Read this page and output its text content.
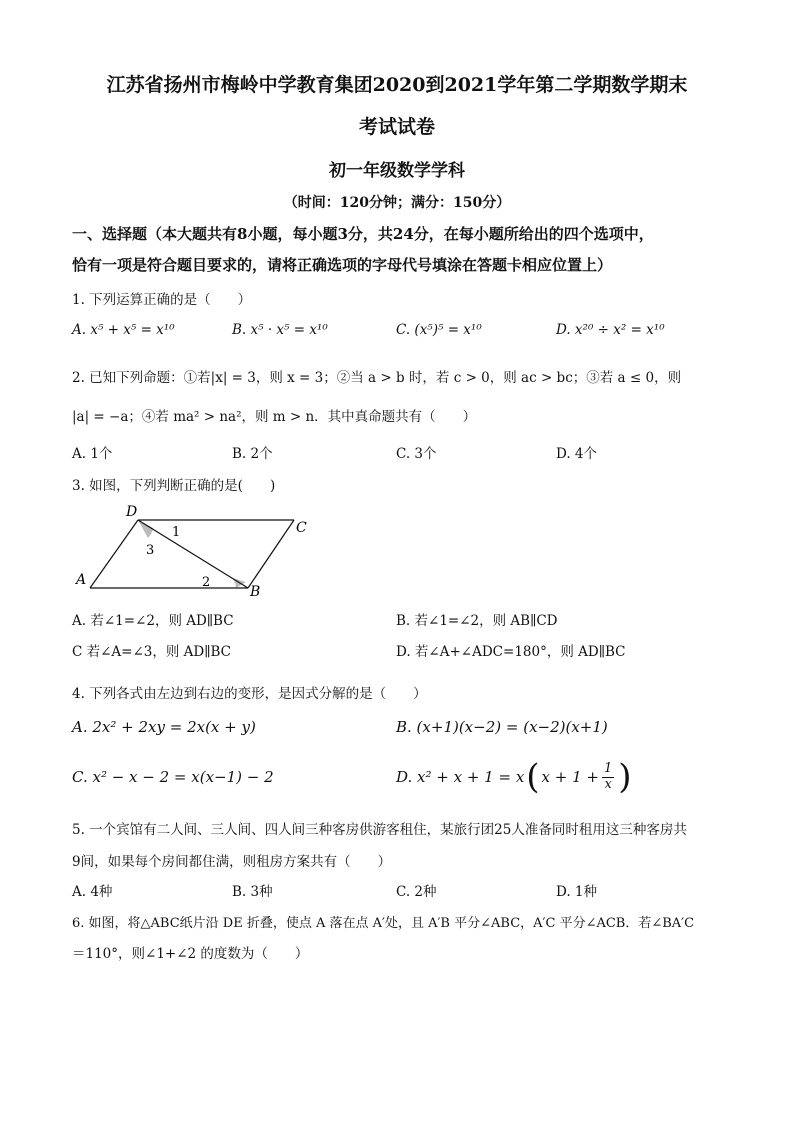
江苏省扬州市梅岭中学教育集团2020到2021学年第二学期数学期末
考试试卷
初一年级数学学科
（时间：120分钟；满分：150分）
一、选择题（本大题共有8小题，每小题3分，共24分，在每小题所给出的四个选项中，
恰有一项是符合题目要求的，请将正确选项的字母代号填涂在答题卡相应位置上）
1. 下列运算正确的是（　　）
A. x⁵ + x⁵ = x¹⁰	B. x⁵ · x⁵ = x¹⁰	C. (x⁵)⁵ = x¹⁰	D. x²⁰ ÷ x² = x¹⁰
2. 已知下列命题：①若|x| = 3，则 x = 3；②当 a > b 时，若 c > 0，则 ac > bc；③若 a ≤ 0，则
|a| = −a；④若 ma² > na²，则 m > n．其中真命题共有（　　）
A. 1个	B. 2个	C. 3个	D. 4个
3. 如图，下列判断正确的是(　　)
D
C
A
B
1
2
3
A. 若∠1=∠2，则 AD∥BC	B. 若∠1=∠2，则 AB∥CD
C 若∠A=∠3，则 AD∥BC	D. 若∠A+∠ADC=180°，则 AD∥BC
4. 下列各式由左边到右边的变形，是因式分解的是（　　）
A. 2x² + 2xy = 2x(x + y)	B. (x+1)(x−2) = (x−2)(x+1)
C. x² − x − 2 = x(x−1) − 2	D. x² + x + 1 = x ( $x + 1 + \frac{1}{x}$ )
5. 一个宾馆有二人间、三人间、四人间三种客房供游客租住，某旅行团25人准备同时租用这三种客房共
9间，如果每个房间都住满，则租房方案共有（　　）
A. 4种	B. 3种	C. 2种	D. 1种
6. 如图，将△ABC纸片沿 DE 折叠，使点 A 落在点 A′处，且 A′B 平分∠ABC，A′C 平分∠ACB．若∠BA′C
＝110°，则∠1+∠2 的度数为（　　）
